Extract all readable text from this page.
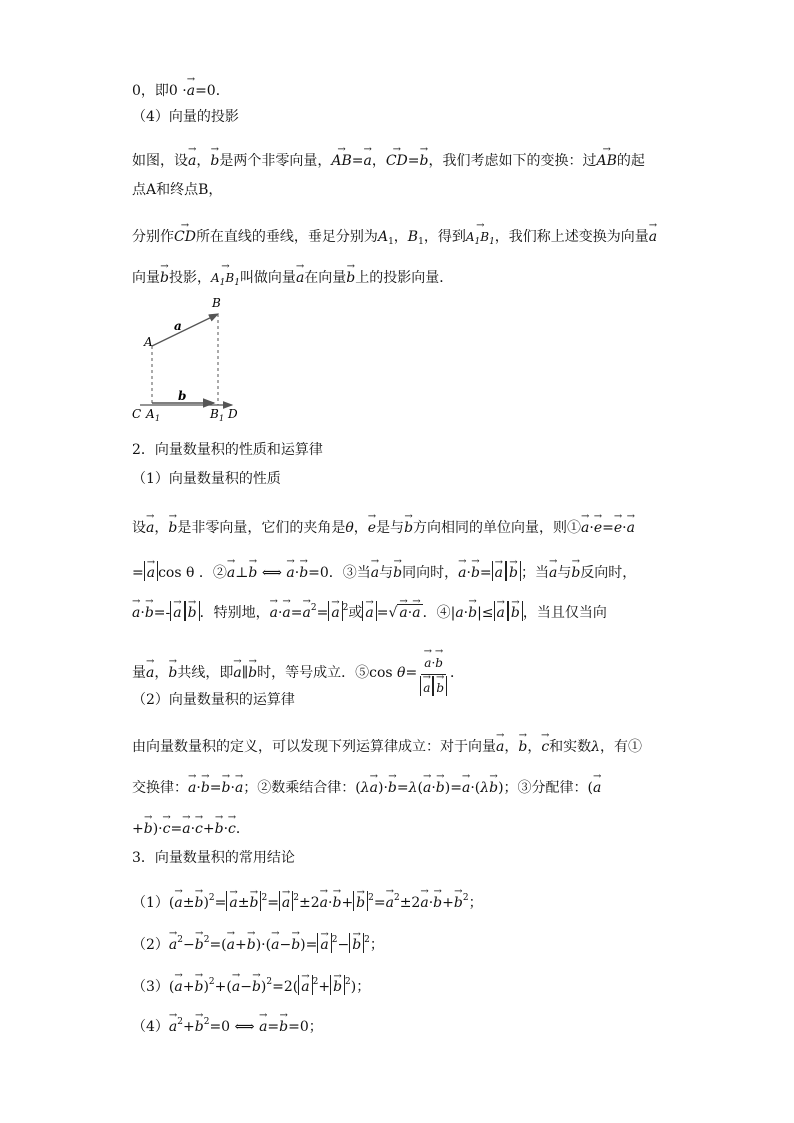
0，即0 ·→ a=0．
（4）向量的投影
如图，设→ a，→ b是两个非零向量，→ AB=→ a，→ CD=→ b，我们考虑如下的变换：过→ AB的起
点A和终点B，
分别作→ CD所在直线的垂线，垂足分别为$A_1$，$B_1$，得到→ $A_1B_1$，我们称上述变换为向量→ a
向量→ b投影，→ $A_1B_1$叫做向量→ a在向量→ b上的投影向量．
B
A
a
b
C A 1	B 1 D
2．向量数量积的性质和运算律
（1）向量数量积的性质
设→ a，→ b是非零向量，它们的夹角是θ，→ e是与→ b方向相同的单位向量，则①→ a·→ e=→ e·→ a
= → a cos θ ．②→ a⊥→ b ⟺ → a·→ b=0．③当→ a与→ b同向时，→ a·→ b= → a → b ；当→ a与→ b反向时，
→ a·→ b=- → a → b ．特别地，→ $a\cdot\to a=\to a^2= \to a$ $^2$或 → a =√ → a·→ a ．④|a·→ b|≤ → a → b ，当且仅当向
量→ a，→ b共线，即→ a∥→ b时，等号成立．⑤cos θ= → a·→ b
→ a → b ．
（2）向量数量积的运算律
由向量数量积的定义，可以发现下列运算律成立：对于向量→ a，→ b，→ c和实数λ，有①
交换律：→ a·→ b=→ b·→ a；②数乘结合律：(λ→ a)·→ b=λ(→ a·→ b)=→ a·(λ→ b)；③分配律：(→ a
+→ b)·→ c=→ a·→ c+→ b·→ c．
3．向量数量积的常用结论
$(1)(\to a\pm\to b)^2= \to a\pm\to b$ $^2$= → a $^2$±2→ a·→ b+ → b $^2=\to a^2\pm 2\to a\cdot\to b+\to b^2$；
$(2)\to a^2-\to b^2=(\to a+\to b)\cdot(\to a-\to b)= \to a$ $^2$− → b $^2$；
$(3)(\to a+\to b)^2+(\to a-\to b)^2=2( \to a$ $^2$+ → b $^2$)；
$(4)\to a^2+\to b^2=0$ ⟺ → a=→ b=0；
